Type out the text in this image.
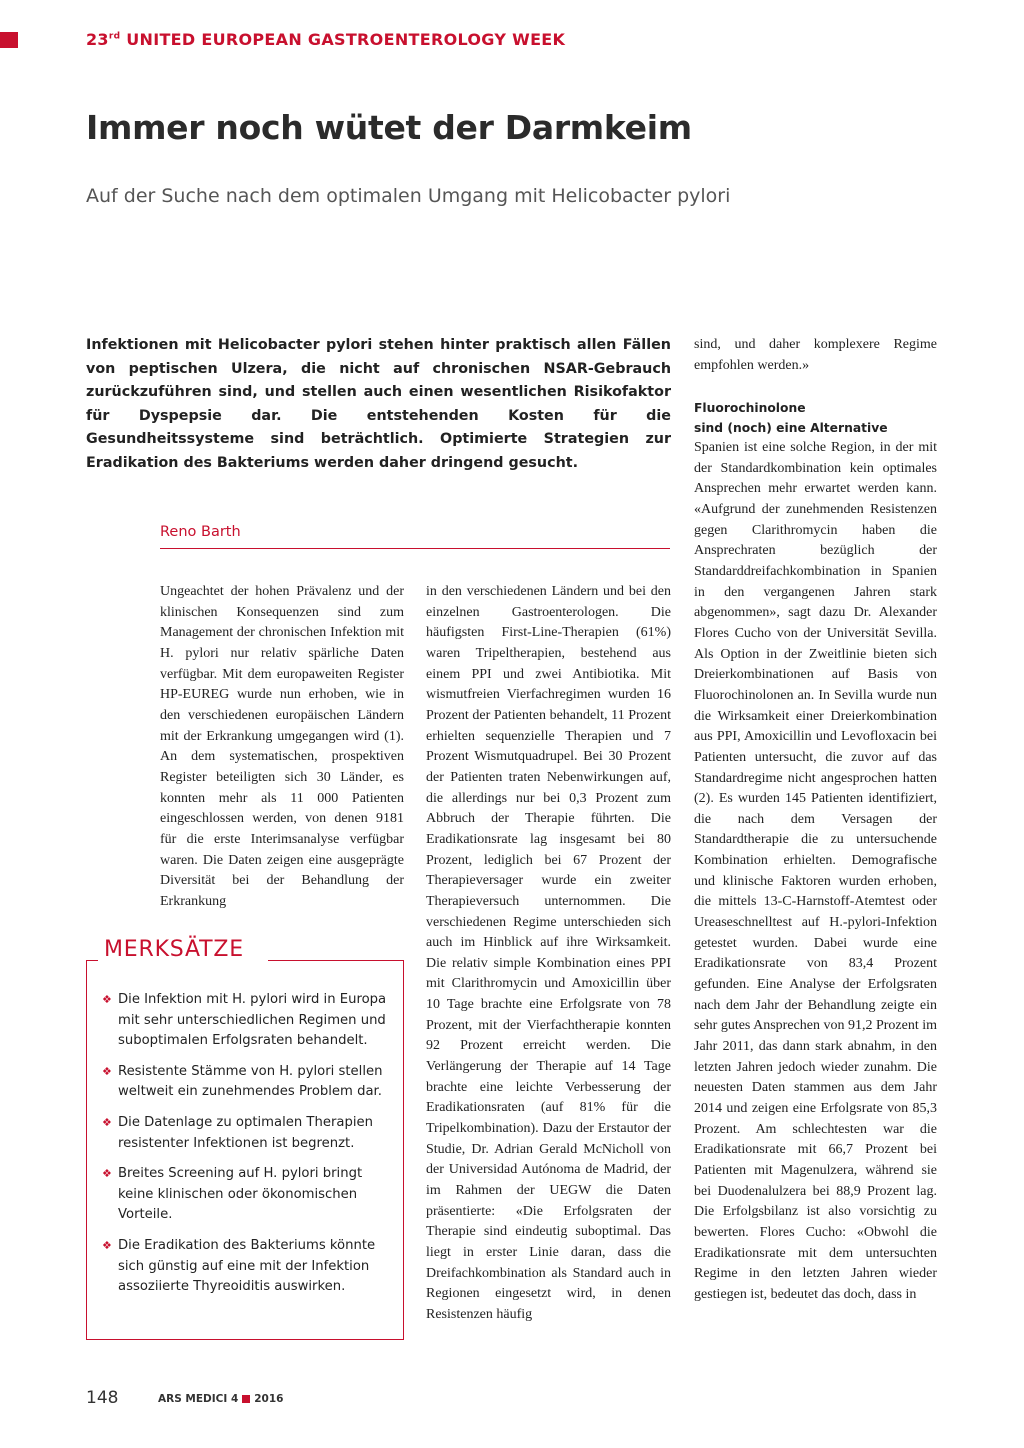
23rd UNITED EUROPEAN GASTROENTEROLOGY WEEK
Immer noch wütet der Darmkeim
Auf der Suche nach dem optimalen Umgang mit Helicobacter pylori

Infektionen mit Helicobacter pylori stehen hinter praktisch allen Fällen von peptischen Ulzera, die nicht auf chronischen NSAR-Gebrauch zurückzuführen sind, und stellen auch einen wesentlichen Risikofaktor für Dyspepsie dar. Die entstehenden Kosten für die Gesundheitssysteme sind beträchtlich. Optimierte Strategien zur Eradikation des Bakteriums werden daher dringend gesucht.

Reno Barth

Ungeachtet der hohen Prävalenz und der klinischen Konsequenzen sind zum Management der chronischen Infektion mit H. pylori nur relativ spärliche Daten verfügbar. Mit dem europaweiten Register HP-EUREG wurde nun erhoben, wie in den verschiedenen europäischen Ländern mit der Erkrankung umgegangen wird (1). An dem systematischen, prospektiven Register beteiligten sich 30 Länder, es konnten mehr als 11 000 Patienten eingeschlossen werden, von denen 9181 für die erste Interimsanalyse verfügbar waren. Die Daten zeigen eine ausgeprägte Diversität bei der Behandlung der Erkrankung

in den verschiedenen Ländern und bei den einzelnen Gastroenterologen. Die häufigsten First-Line-Therapien (61%) waren Tripeltherapien, bestehend aus einem PPI und zwei Antibiotika. Mit wismutfreien Vierfachregimen wurden 16 Prozent der Patienten behandelt, 11 Prozent erhielten sequenzielle Therapien und 7 Prozent Wismutquadrupel. Bei 30 Prozent der Patienten traten Nebenwirkungen auf, die allerdings nur bei 0,3 Prozent zum Abbruch der Therapie führten. Die Eradikationsrate lag insgesamt bei 80 Prozent, lediglich bei 67 Prozent der Therapieversager wurde ein zweiter Therapieversuch unternommen. Die verschiedenen Regime unterschieden sich auch im Hinblick auf ihre Wirksamkeit. Die relativ simple Kombination eines PPI mit Clarithromycin und Amoxicillin über 10 Tage brachte eine Erfolgsrate von 78 Prozent, mit der Vierfachtherapie konnten 92 Prozent erreicht werden. Die Verlängerung der Therapie auf 14 Tage brachte eine leichte Verbesserung der Eradikationsraten (auf 81% für die Tripelkombination). Dazu der Erstautor der Studie, Dr. Adrian Gerald McNicholl von der Universidad Autónoma de Madrid, der im Rahmen der UEGW die Daten präsentierte: «Die Erfolgsraten der Therapie sind eindeutig suboptimal. Das liegt in erster Linie daran, dass die Dreifachkombination als Standard auch in Regionen eingesetzt wird, in denen Resistenzen häufig

sind, und daher komplexere Regime empfohlen werden.»

Fluorochinolone
sind (noch) eine Alternative

Spanien ist eine solche Region, in der mit der Standardkombination kein optimales Ansprechen mehr erwartet werden kann. «Aufgrund der zunehmenden Resistenzen gegen Clarithromycin haben die Ansprechraten bezüglich der Standarddreifachkombination in Spanien in den vergangenen Jahren stark abgenommen», sagt dazu Dr. Alexander Flores Cucho von der Universität Sevilla. Als Option in der Zweitlinie bieten sich Dreierkombinationen auf Basis von Fluorochinolonen an. In Sevilla wurde nun die Wirksamkeit einer Dreierkombination aus PPI, Amoxicillin und Levofloxacin bei Patienten untersucht, die zuvor auf das Standardregime nicht angesprochen hatten (2). Es wurden 145 Patienten identifiziert, die nach dem Versagen der Standardtherapie die zu untersuchende Kombination erhielten. Demografische und klinische Faktoren wurden erhoben, die mittels 13-C-Harnstoff-Atemtest oder Ureaseschnelltest auf H.-pylori-Infektion getestet wurden. Dabei wurde eine Eradikationsrate von 83,4 Prozent gefunden. Eine Analyse der Erfolgsraten nach dem Jahr der Behandlung zeigte ein sehr gutes Ansprechen von 91,2 Prozent im Jahr 2011, das dann stark abnahm, in den letzten Jahren jedoch wieder zunahm. Die neuesten Daten stammen aus dem Jahr 2014 und zeigen eine Erfolgsrate von 85,3 Prozent. Am schlechtesten war die Eradikationsrate mit 66,7 Prozent bei Patienten mit Magenulzera, während sie bei Duodenalulzera bei 88,9 Prozent lag. Die Erfolgsbilanz ist also vorsichtig zu bewerten. Flores Cucho: «Obwohl die Eradikationsrate mit dem untersuchten Regime in den letzten Jahren wieder gestiegen ist, bedeutet das doch, dass in

MERKSÄTZE
❖ Die Infektion mit H. pylori wird in Europa mit sehr unterschiedlichen Regimen und suboptimalen Erfolgsraten behandelt.
❖ Resistente Stämme von H. pylori stellen weltweit ein zunehmendes Problem dar.
❖ Die Datenlage zu optimalen Therapien resistenter Infektionen ist begrenzt.
❖ Breites Screening auf H. pylori bringt keine klinischen oder ökonomischen Vorteile.
❖ Die Eradikation des Bakteriums könnte sich günstig auf eine mit der Infektion assoziierte Thyreoiditis auswirken.
148	ARS MEDICI 4 2016
